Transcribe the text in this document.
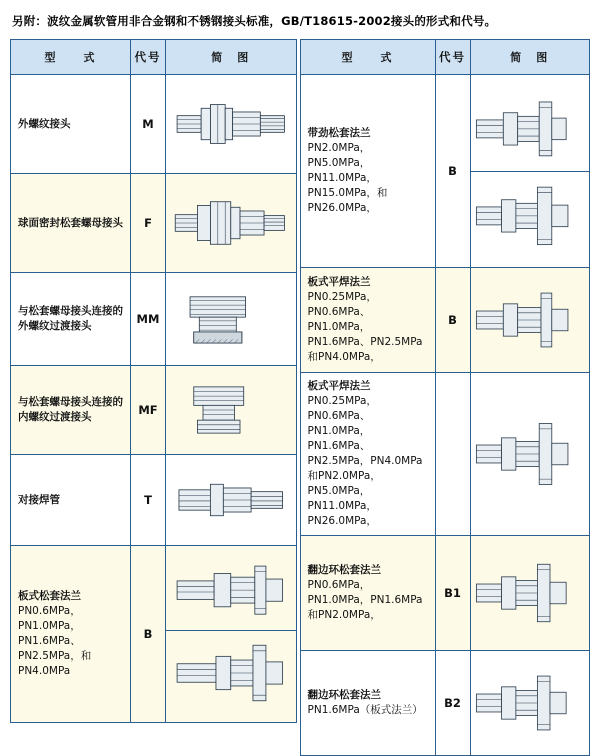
另附：波纹金属软管用非合金钢和不锈钢接头标准，GB/T18615-2002接头的形式和代号。
型　　式	代号	简　图
外螺纹接头	M	

球面密封松套螺母接头	F	

与松套螺母接头连接的外螺纹过渡接头	MM	

与松套螺母接头连接的内螺纹过渡接头	MF	

对接焊管	T	

板式松套法兰
PN0.6MPa，PN1.0MPa，PN1.6MPa、PN2.5MPa，和PN4.0MPa	B	
型　　式	代号	简　图

带劲松套法兰
PN2.0MPa，PN5.0MPa，PN11.0MPa，PN15.0MPa，和PN26.0MPa，	B	

板式平焊法兰
PN0.25MPa，PN0.6MPa、PN1.0MPa，PN1.6MPa、PN2.5MPa和PN4.0MPa，	B	

板式平焊法兰
PN0.25MPa，PN0.6MPa、PN1.0MPa，PN1.6MPa、PN2.5MPa，PN4.0MPa 和PN2.0MPa，PN5.0MPa，PN11.0MPa，PN26.0MPa，

翻边环松套法兰
PN0.6MPa，PN1.0MPa，PN1.6MPa和PN2.0MPa，	B1	

翻边环松套法兰
PN1.6MPa（板式法兰）	B2	
